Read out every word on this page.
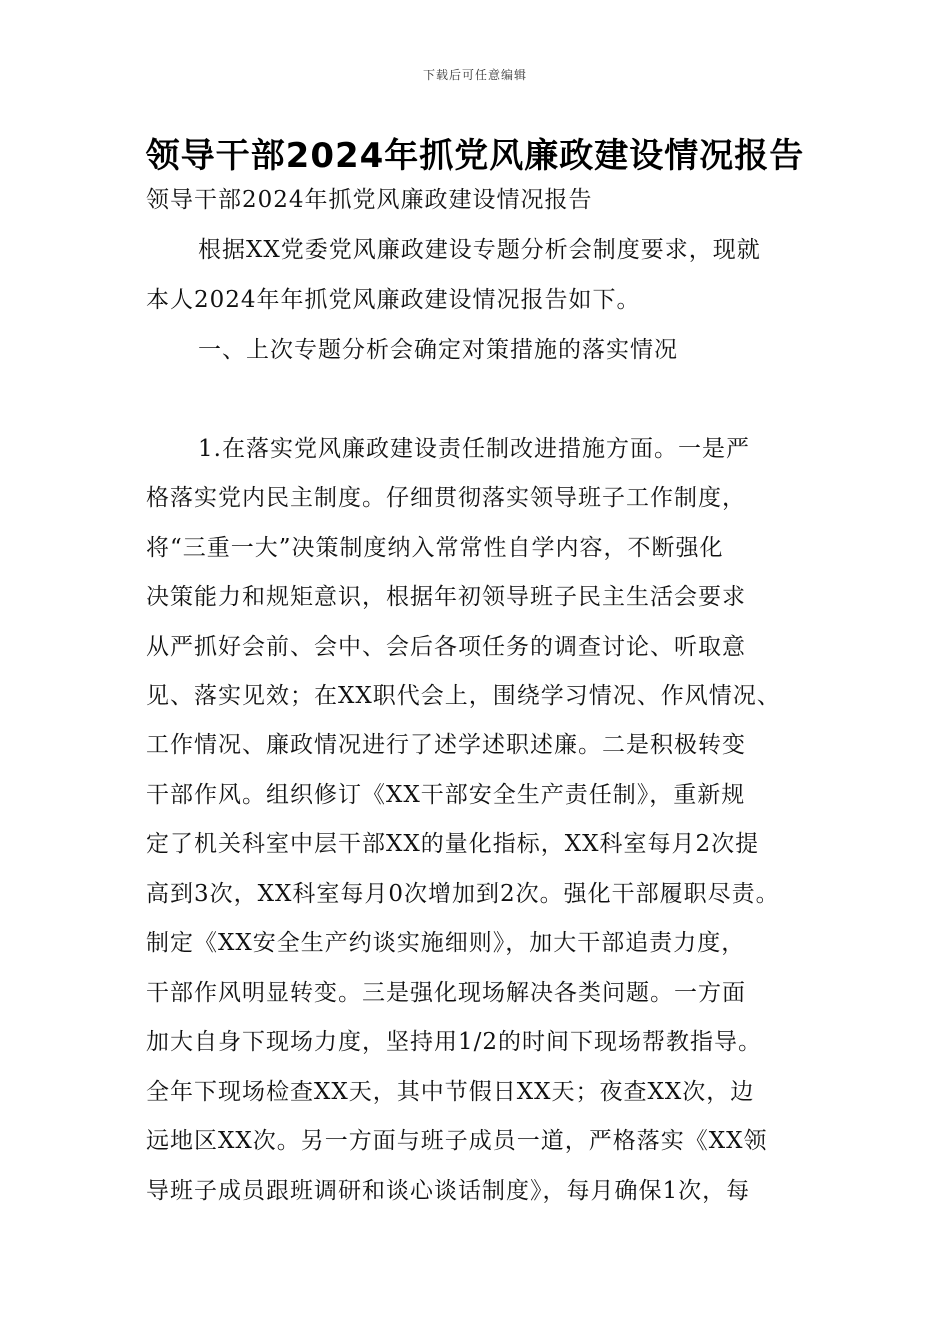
下载后可任意编辑
领导干部2024年抓党风廉政建设情况报告
领导干部2024年抓党风廉政建设情况报告
根据XX党委党风廉政建设专题分析会制度要求，现就
本人2024年年抓党风廉政建设情况报告如下。
一、上次专题分析会确定对策措施的落实情况
1.在落实党风廉政建设责任制改进措施方面。一是严
格落实党内民主制度。仔细贯彻落实领导班子工作制度，
将“三重一大”决策制度纳入常常性自学内容，不断强化
决策能力和规矩意识，根据年初领导班子民主生活会要求
从严抓好会前、会中、会后各项任务的调查讨论、听取意
见、落实见效；在XX职代会上，围绕学习情况、作风情况、
工作情况、廉政情况进行了述学述职述廉。二是积极转变
干部作风。组织修订《XX干部安全生产责任制》，重新规
定了机关科室中层干部XX的量化指标，XX科室每月2次提
高到3次，XX科室每月0次增加到2次。强化干部履职尽责。
制定《XX安全生产约谈实施细则》，加大干部追责力度，
干部作风明显转变。三是强化现场解决各类问题。一方面
加大自身下现场力度，坚持用1/2的时间下现场帮教指导。
全年下现场检查XX天，其中节假日XX天；夜查XX次，边
远地区XX次。另一方面与班子成员一道，严格落实《XX领
导班子成员跟班调研和谈心谈话制度》，每月确保1次，每
